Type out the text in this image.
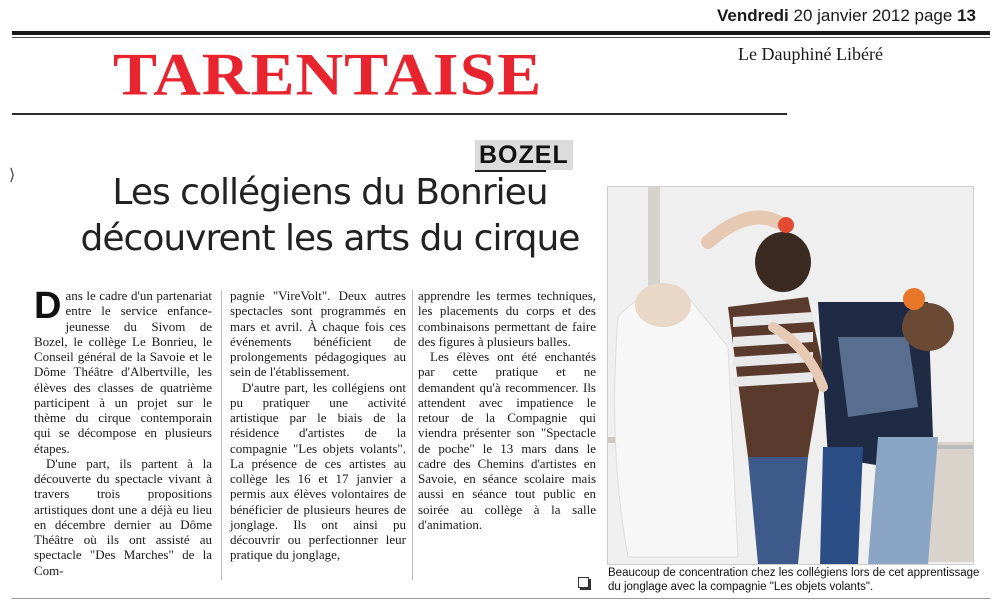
Vendredi 20 janvier 2012 page 13
Le Dauphiné Libéré
TARENTAISE
⟩
BOZEL
Les collégiens du Bonrieu
découvrent les arts du cirque

Dans le cadre d'un partenariat entre le service enfance-jeunesse du Sivom de Bozel, le collège Le Bonrieu, le Conseil général de la Savoie et le Dôme Théâtre d'Albertville, les élèves des classes de quatrième participent à un projet sur le thème du cirque contemporain qui se décompose en plusieurs étapes.

D'une part, ils partent à la découverte du spectacle vivant à travers trois propositions artistiques dont une a déjà eu lieu en décembre dernier au Dôme Théâtre où ils ont assisté au spectacle "Des Marches" de la Com-

pagnie "VireVolt". Deux autres spectacles sont programmés en mars et avril. À chaque fois ces événements bénéficient de prolongements pédagogiques au sein de l'établissement.

D'autre part, les collégiens ont pu pratiquer une activité artistique par le biais de la résidence d'artistes de la compagnie "Les objets volants". La présence de ces artistes au collège les 16 et 17 janvier a permis aux élèves volontaires de bénéficier de plusieurs heures de jonglage. Ils ont ainsi pu découvrir ou perfectionner leur pratique du jonglage,

apprendre les termes techniques, les placements du corps et des combinaisons permettant de faire des figures à plusieurs balles.

Les élèves ont été enchantés par cette pratique et ne demandent qu'à recommencer. Ils attendent avec impatience le retour de la Compagnie qui viendra présenter son "Spectacle de poche" le 13 mars dans le cadre des Chemins d'artistes en Savoie, en séance scolaire mais aussi en séance tout public en soirée au collège à la salle d'animation.

Beaucoup de concentration chez les collégiens lors de cet apprentissage
du jonglage avec la compagnie "Les objets volants".
